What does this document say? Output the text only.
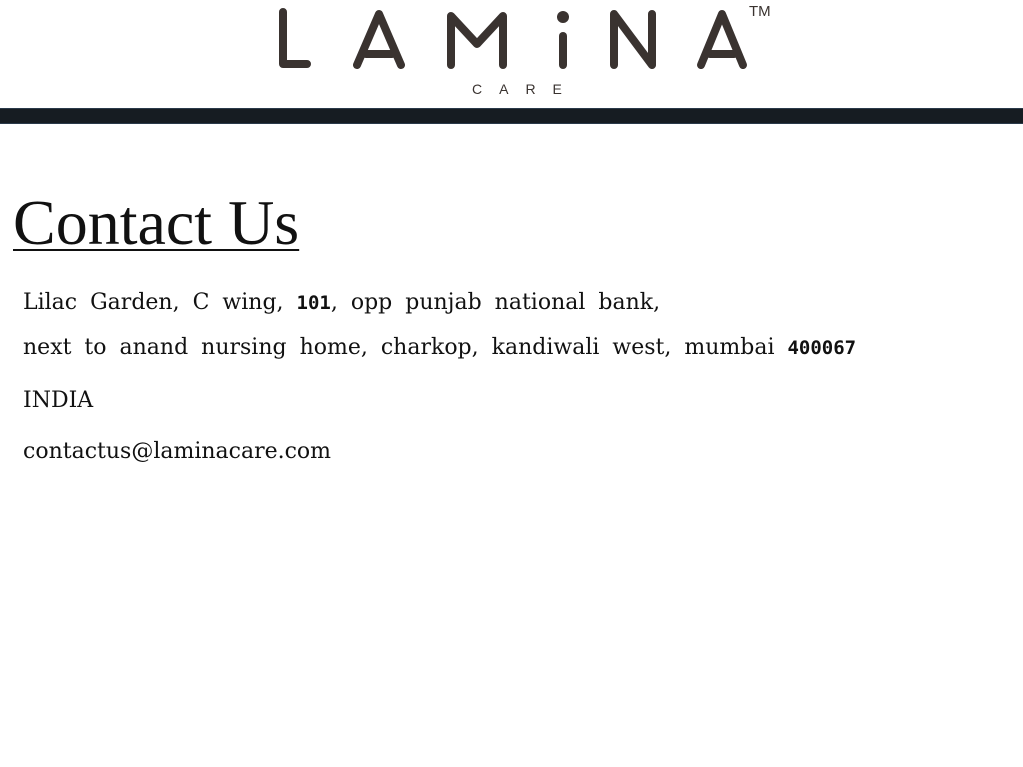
TM
CARE
Contact Us
Lilac Garden, C wing, 101, opp punjab national bank,
next to anand nursing home, charkop, kandiwali west, mumbai 400067
INDIA
contactus@laminacare.com
